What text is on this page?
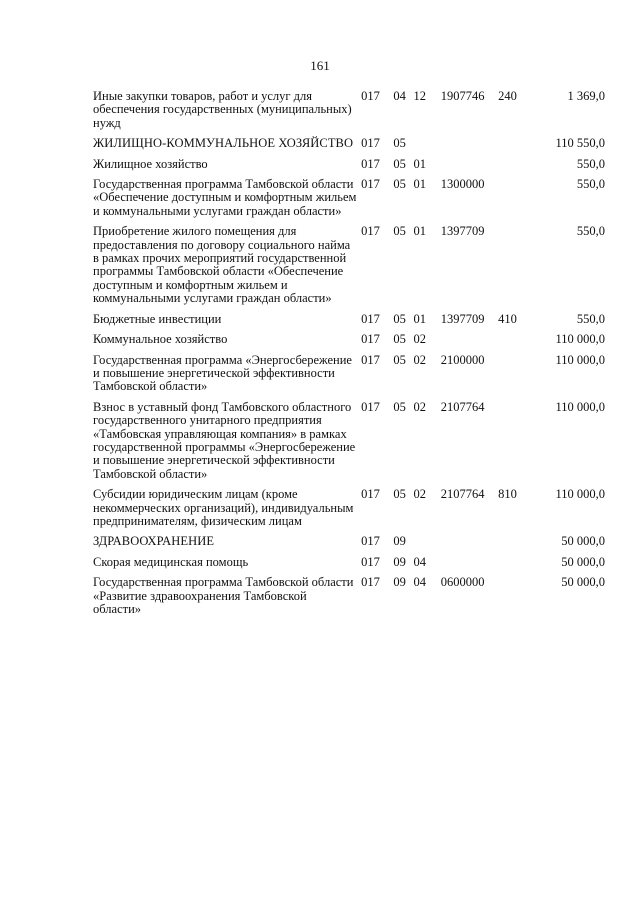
161
Иные закупки товаров, работ и услуг для обеспечения государственных (муниципальных) нужд	017	04	12	1907746	240	1 369,0
ЖИЛИЩНО-КОММУНАЛЬНОЕ ХОЗЯЙСТВО	017	05				110 550,0
Жилищное хозяйство	017	05	01			550,0
Государственная программа Тамбовской области «Обеспечение доступным и комфортным жильем и коммунальными услугами граждан области»	017	05	01	1300000		550,0
Приобретение жилого помещения для предоставления по договору социального найма в рамках прочих мероприятий государственной программы Тамбовской области «Обеспечение доступным и комфортным жильем и коммунальными услугами граждан области»	017	05	01	1397709		550,0
Бюджетные инвестиции	017	05	01	1397709	410	550,0
Коммунальное хозяйство	017	05	02			110 000,0
Государственная программа «Энергосбережение и повышение энергетической эффективности Тамбовской области»	017	05	02	2100000		110 000,0
Взнос в уставный фонд Тамбовского областного государственного унитарного предприятия «Тамбовская управляющая компания» в рамках государственной программы «Энергосбережение и повышение энергетической эффективности Тамбовской области»	017	05	02	2107764		110 000,0
Субсидии юридическим лицам (кроме некоммерческих организаций), индивидуальным предпринимателям, физическим лицам	017	05	02	2107764	810	110 000,0
ЗДРАВООХРАНЕНИЕ	017	09				50 000,0
Скорая медицинская помощь	017	09	04			50 000,0
Государственная программа Тамбовской области «Развитие здравоохранения Тамбовской области»	017	09	04	0600000		50 000,0
